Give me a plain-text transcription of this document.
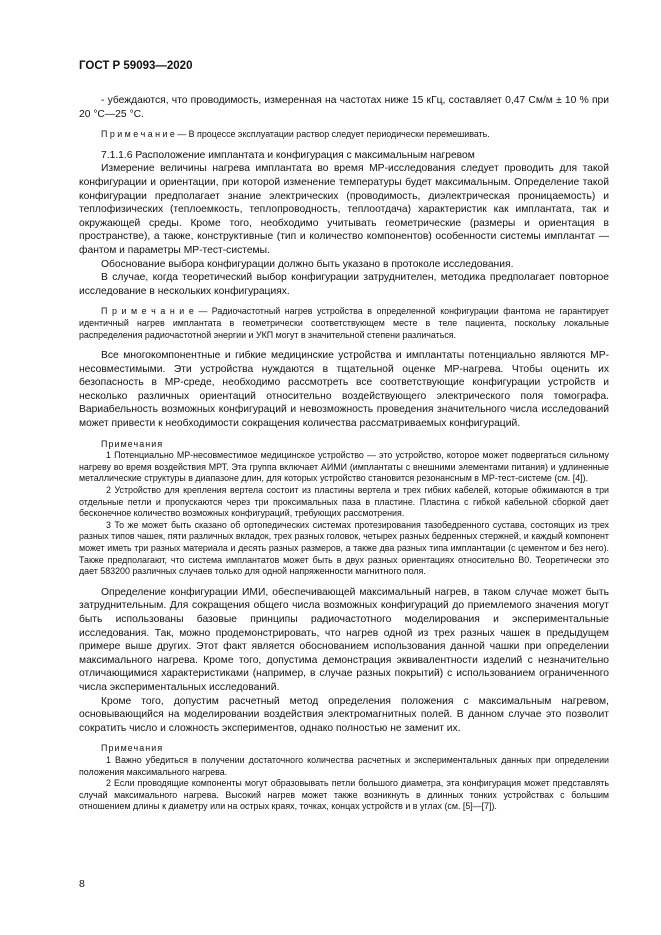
ГОСТ Р 59093—2020

- убеждаются, что проводимость, измеренная на частотах ниже 15 кГц, составляет 0,47 См/м ± 10 % при 20 °С—25 °С.

П р и м е ч а н и е — В процессе эксплуатации раствор следует периодически перемешивать.

7.1.1.6 Расположение имплантата и конфигурация с максимальным нагревом

Измерение величины нагрева имплантата во время МР-исследования следует проводить для такой конфигурации и ориентации, при которой изменение температуры будет максимальным. Определение такой конфигурации предполагает знание электрических (проводимость, диэлектрическая проницаемость) и теплофизических (теплоемкость, теплопроводность, теплоотдача) характеристик как имплантата, так и окружающей среды. Кроме того, необходимо учитывать геометрические (размеры и ориентация в пространстве), а также, конструктивные (тип и количество компонентов) особенности системы имплантат — фантом и параметры МР-тест-системы.

Обоснование выбора конфигурации должно быть указано в протоколе исследования.

В случае, когда теоретический выбор конфигурации затруднителен, методика предполагает повторное исследование в нескольких конфигурациях.

П р и м е ч а н и е — Радиочастотный нагрев устройства в определенной конфигурации фантома не гарантирует идентичный нагрев имплантата в геометрически соответствующем месте в теле пациента, поскольку локальные распределения радиочастотной энергии и УКП могут в значительной степени различаться.

Все многокомпонентные и гибкие медицинские устройства и имплантаты потенциально являются МР-несовместимыми. Эти устройства нуждаются в тщательной оценке МР-нагрева. Чтобы оценить их безопасность в МР-среде, необходимо рассмотреть все соответствующие конфигурации устройств и несколько различных ориентаций относительно воздействующего электрического поля томографа. Вариабельность возможных конфигураций и невозможность проведения значительного числа исследований может привести к необходимости сокращения количества рассматриваемых конфигураций.

Примечания

1 Потенциально МР-несовместимое медицинское устройство — это устройство, которое может подвергаться сильному нагреву во время воздействия МРТ. Эта группа включает АИМИ (имплантаты с внешними элементами питания) и удлиненные металлические структуры в диапазоне длин, для которых устройство становится резонансным в МР-тест-системе (см. [4]).

2 Устройство для крепления вертела состоит из пластины вертела и трех гибких кабелей, которые обжимаются в три отдельные петли и пропускаются через три проксимальных паза в пластине. Пластина с гибкой кабельной сборкой дает бесконечное количество возможных конфигураций, требующих рассмотрения.

3 То же может быть сказано об ортопедических системах протезирования тазобедренного сустава, состоящих из трех разных типов чашек, пяти различных вкладок, трех разных головок, четырех разных бедренных стержней, и каждый компонент может иметь три разных материала и десять разных размеров, а также два разных типа имплантации (с цементом и без него). Также предполагают, что система имплантатов может быть в двух разных ориентациях относительно B0. Теоретически это дает 583200 различных случаев только для одной напряженности магнитного поля.

Определение конфигурации ИМИ, обеспечивающей максимальный нагрев, в таком случае может быть затруднительным. Для сокращения общего числа возможных конфигураций до приемлемого значения могут быть использованы базовые принципы радиочастотного моделирования и экспериментальные исследования. Так, можно продемонстрировать, что нагрев одной из трех разных чашек в предыдущем примере выше других. Этот факт является обоснованием использования данной чашки при определении максимального нагрева. Кроме того, допустима демонстрация эквивалентности изделий с незначительно отличающимися характеристиками (например, в случае разных покрытий) с использованием ограниченного числа экспериментальных исследований.

Кроме того, допустим расчетный метод определения положения с максимальным нагревом, основывающийся на моделировании воздействия электромагнитных полей. В данном случае это позволит сократить число и сложность экспериментов, однако полностью не заменит их.

Примечания

1 Важно убедиться в получении достаточного количества расчетных и экспериментальных данных при определении положения максимального нагрева.

2 Если проводящие компоненты могут образовывать петли большого диаметра, эта конфигурация может представлять случай максимального нагрева. Высокий нагрев может также возникнуть в длинных тонких устройствах с большим отношением длины к диаметру или на острых краях, точках, концах устройств и в углах (см. [5]—[7]).

8
